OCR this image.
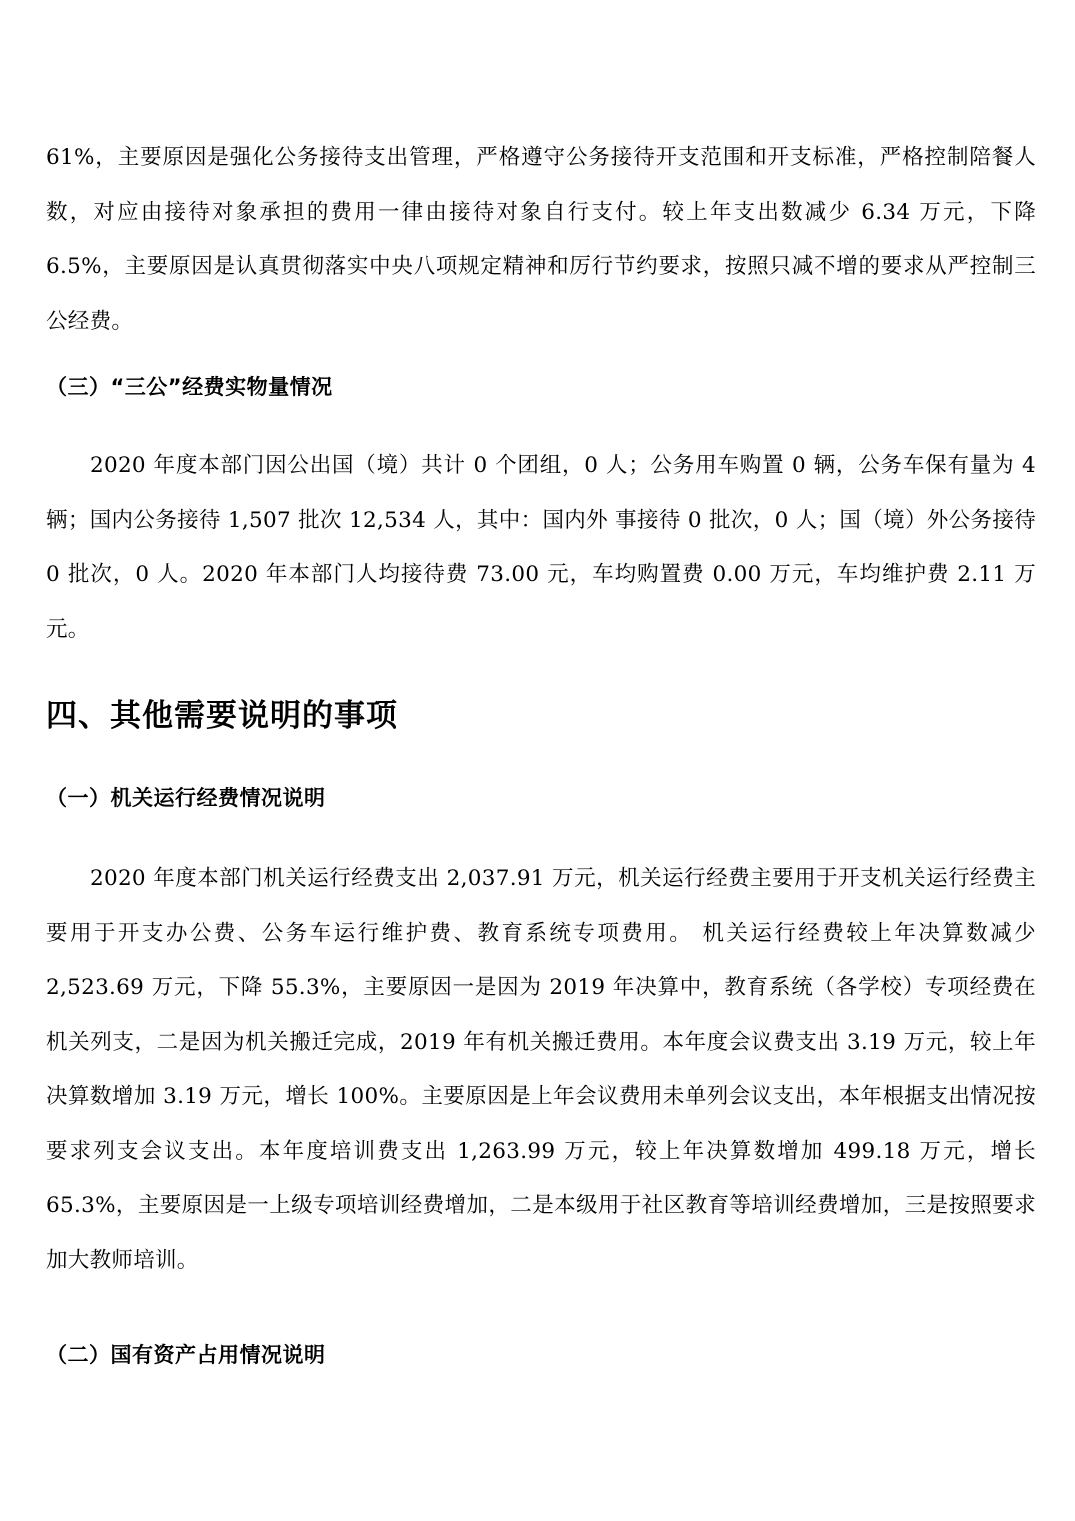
61%，主要原因是强化公务接待支出管理，严格遵守公务接待开支范围和开支标准，严格控制陪餐人数，对应由接待对象承担的费用一律由接待对象自行支付。较上年支出数减少 6.34 万元，下降 6.5%，主要原因是认真贯彻落实中央八项规定精神和厉行节约要求，按照只减不增的要求从严控制三公经费。

（三）“三公”经费实物量情况

2020 年度本部门因公出国（境）共计 0 个团组，0 人；公务用车购置 0 辆，公务车保有量为 4 辆；国内公务接待 1,507 批次 12,534 人，其中：国内外 事接待 0 批次，0 人；国（境）外公务接待 0 批次，0 人。2020 年本部门人均接待费 73.00 元，车均购置费 0.00 万元，车均维护费 2.11 万元。

四、其他需要说明的事项
（一）机关运行经费情况说明

2020 年度本部门机关运行经费支出 2,037.91 万元，机关运行经费主要用于开支机关运行经费主要用于开支办公费、公务车运行维护费、教育系统专项费用。 机关运行经费较上年决算数减少 2,523.69 万元，下降 55.3%，主要原因一是因为 2019 年决算中，教育系统（各学校）专项经费在机关列支，二是因为机关搬迁完成，2019 年有机关搬迁费用。本年度会议费支出 3.19 万元，较上年决算数增加 3.19 万元，增长 100%。主要原因是上年会议费用未单列会议支出，本年根据支出情况按要求列支会议支出。本年度培训费支出 1,263.99 万元，较上年决算数增加 499.18 万元，增长 65.3%，主要原因是一上级专项培训经费增加，二是本级用于社区教育等培训经费增加，三是按照要求加大教师培训。

（二）国有资产占用情况说明
